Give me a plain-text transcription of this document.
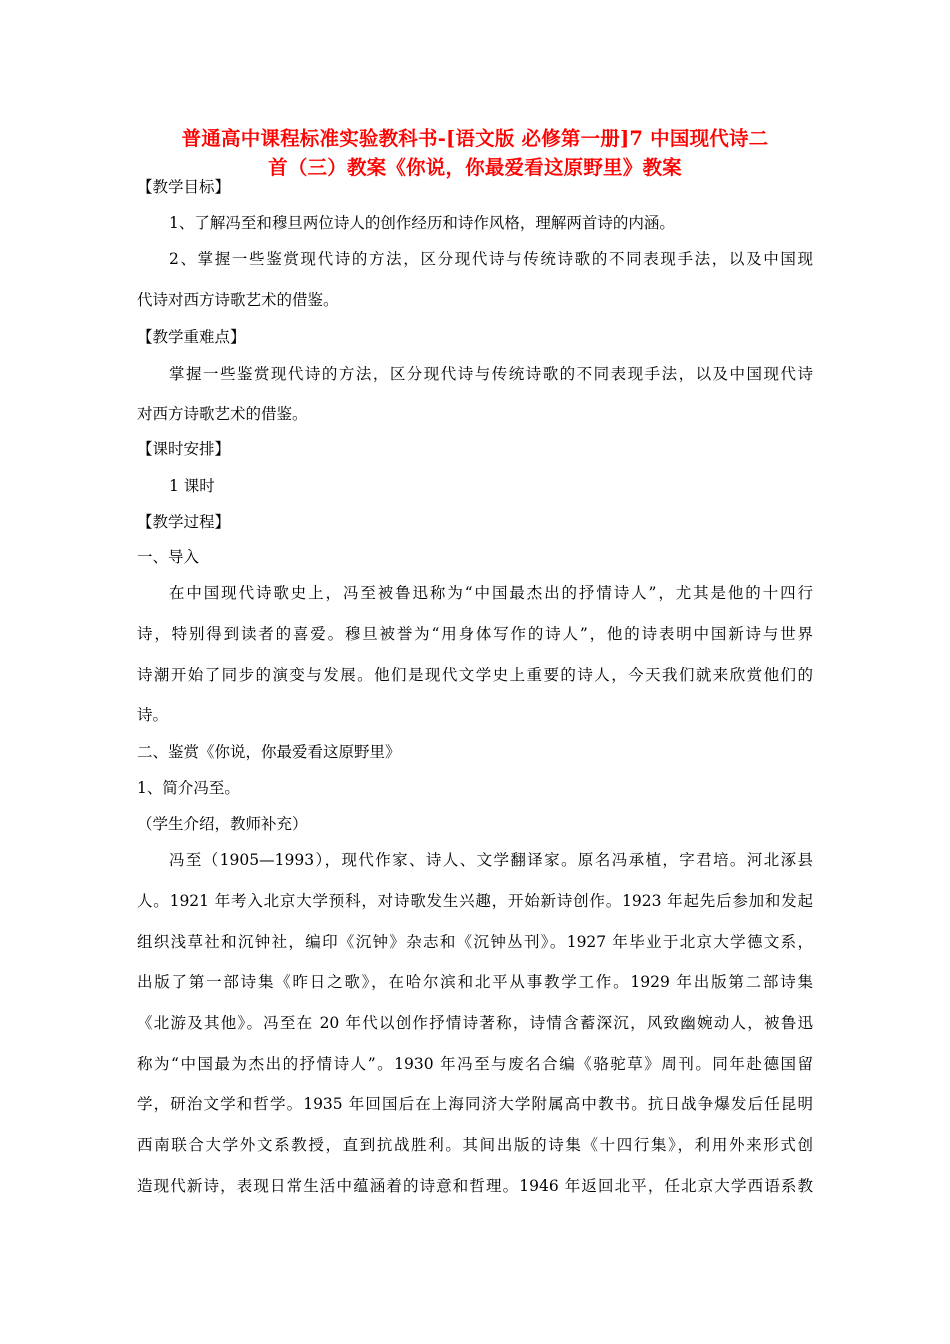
普通高中课程标准实验教科书-[语文版 必修第一册]7 中国现代诗二
首（三）教案《你说，你最爱看这原野里》教案
【教学目标】
1、了解冯至和穆旦两位诗人的创作经历和诗作风格，理解两首诗的内涵。
2、掌握一些鉴赏现代诗的方法，区分现代诗与传统诗歌的不同表现手法，以及中国现
代诗对西方诗歌艺术的借鉴。
【教学重难点】
掌握一些鉴赏现代诗的方法，区分现代诗与传统诗歌的不同表现手法，以及中国现代诗
对西方诗歌艺术的借鉴。
【课时安排】
1 课时
【教学过程】
一、导入
在中国现代诗歌史上，冯至被鲁迅称为“中国最杰出的抒情诗人”，尤其是他的十四行
诗，特别得到读者的喜爱。穆旦被誉为“用身体写作的诗人”，他的诗表明中国新诗与世界
诗潮开始了同步的演变与发展。他们是现代文学史上重要的诗人，今天我们就来欣赏他们的
诗。
二、鉴赏《你说，你最爱看这原野里》
1、简介冯至。
（学生介绍，教师补充）
冯至（1905—1993），现代作家、诗人、文学翻译家。原名冯承植，字君培。河北涿县
人。1921 年考入北京大学预科，对诗歌发生兴趣，开始新诗创作。1923 年起先后参加和发起
组织浅草社和沉钟社，编印《沉钟》杂志和《沉钟丛刊》。1927 年毕业于北京大学德文系，
出版了第一部诗集《昨日之歌》，在哈尔滨和北平从事教学工作。1929 年出版第二部诗集
《北游及其他》。冯至在 20 年代以创作抒情诗著称，诗情含蓄深沉，风致幽婉动人，被鲁迅
称为“中国最为杰出的抒情诗人”。1930 年冯至与废名合编《骆驼草》周刊。同年赴德国留
学，研治文学和哲学。1935 年回国后在上海同济大学附属高中教书。抗日战争爆发后任昆明
西南联合大学外文系教授，直到抗战胜利。其间出版的诗集《十四行集》，利用外来形式创
造现代新诗，表现日常生活中蕴涵着的诗意和哲理。1946 年返回北平，任北京大学西语系教
